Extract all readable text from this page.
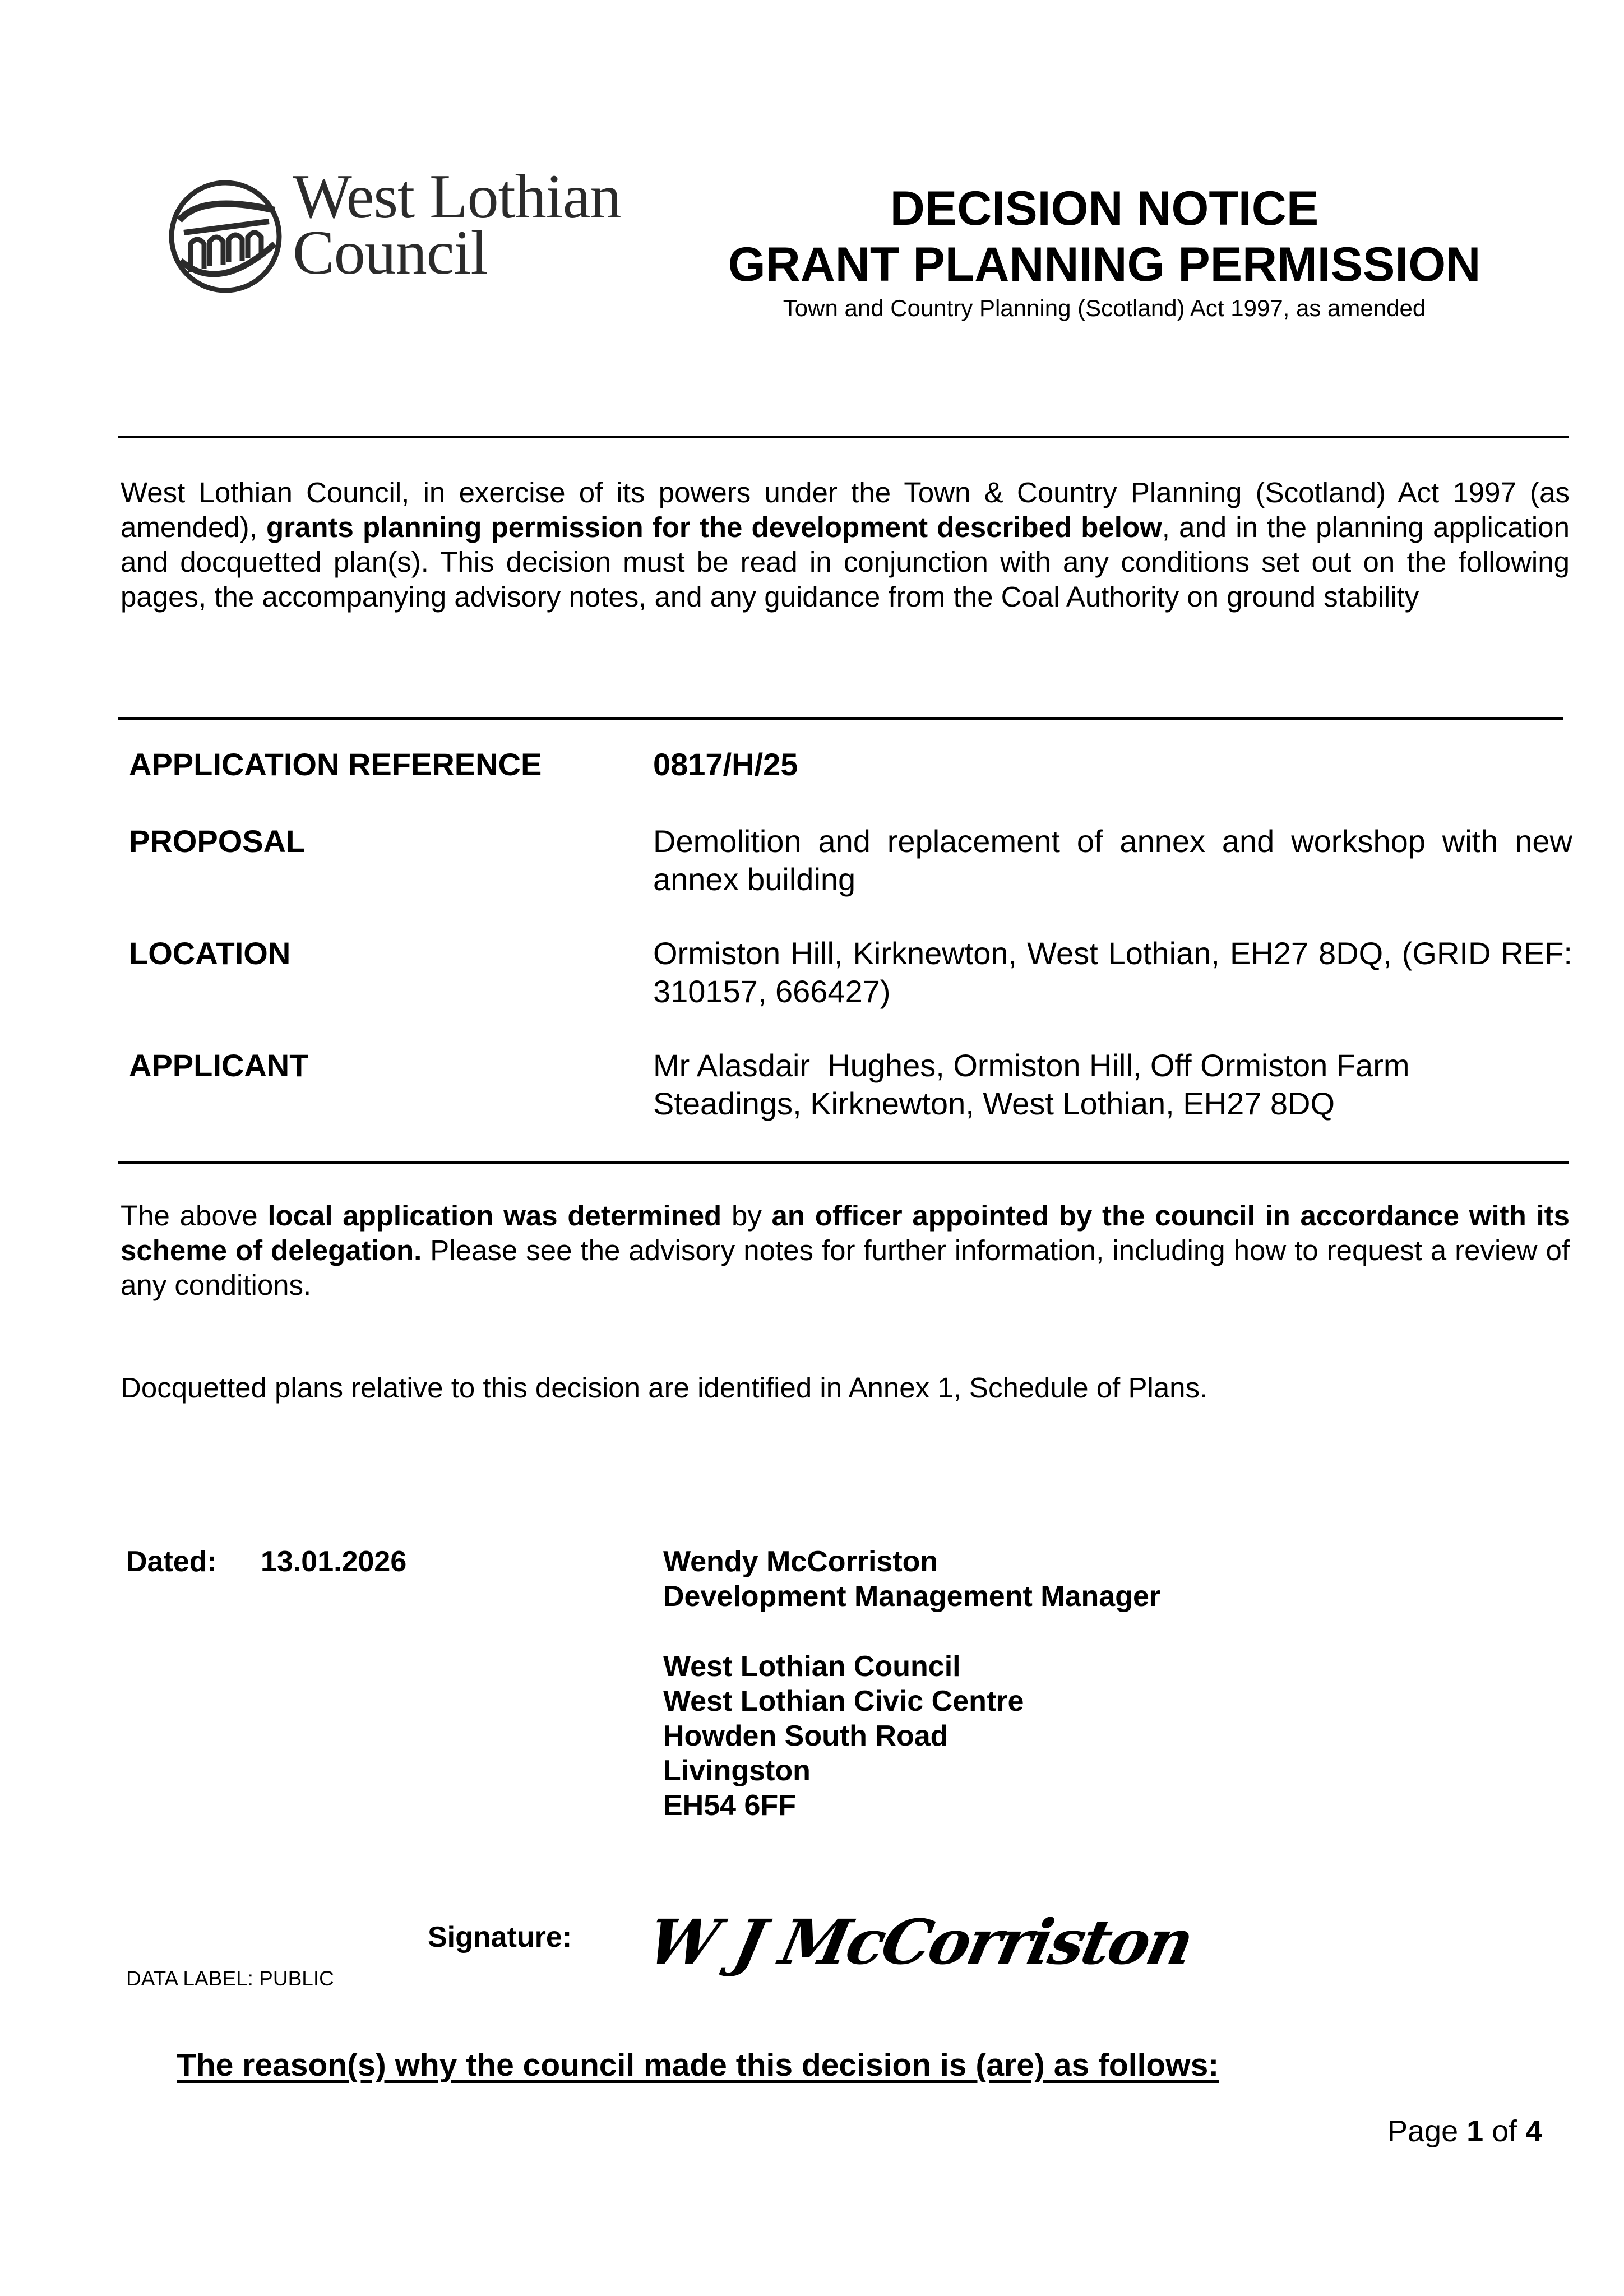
West Lothian
Council
DECISION NOTICE
GRANT PLANNING PERMISSION
Town and Country Planning (Scotland) Act 1997, as amended
West Lothian Council, in exercise of its powers under the Town & Country Planning (Scotland) Act 1997 (as amended), grants planning permission for the development described below, and in the planning application and docquetted plan(s). This decision must be read in conjunction with any conditions set out on the following pages, the accompanying advisory notes, and any guidance from the Coal Authority on ground stability
APPLICATION REFERENCE	0817/H/25
PROPOSAL	Demolition and replacement of annex and workshop with new annex building
LOCATION	Ormiston Hill, Kirknewton, West Lothian, EH27 8DQ, (GRID REF: 310157, 666427)
APPLICANT	Mr Alasdair  Hughes, Ormiston Hill, Off Ormiston Farm
Steadings, Kirknewton, West Lothian, EH27 8DQ
The above local application was determined by an officer appointed by the council in accordance with its scheme of delegation. Please see the advisory notes for further information, including how to request a review of any conditions.
Docquetted plans relative to this decision are identified in Annex 1, Schedule of Plans.
Dated: 13.01.2026	Wendy McCorriston
Development Management Manager
West Lothian Council
West Lothian Civic Centre
Howden South Road
Livingston
EH54 6FF
Signature: W J McCorriston
DATA LABEL: PUBLIC
The reason(s) why the council made this decision is (are) as follows:
Page 1 of 4
